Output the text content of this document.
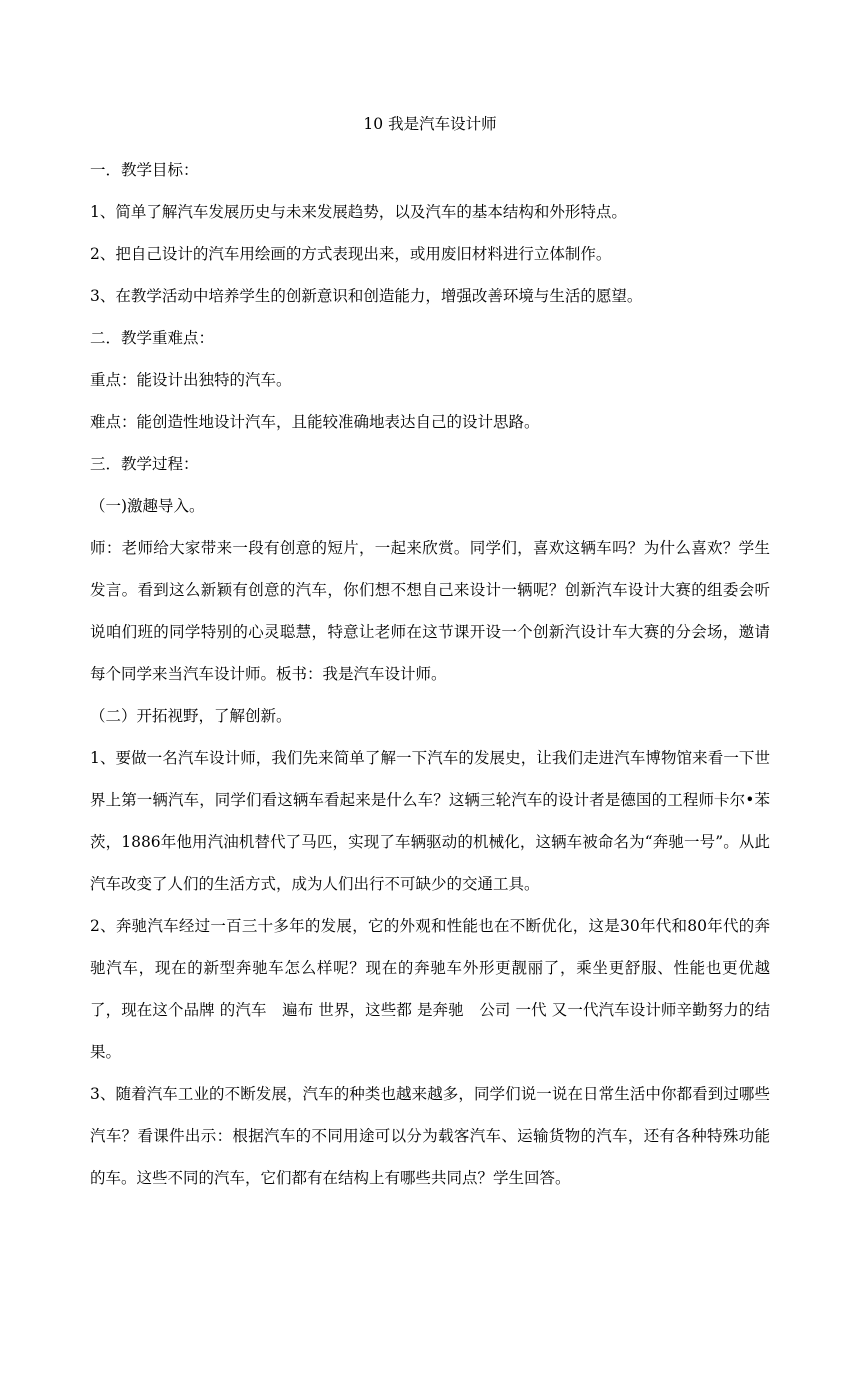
10 我是汽车设计师

一．教学目标：

1、简单了解汽车发展历史与未来发展趋势，以及汽车的基本结构和外形特点。

2、把自己设计的汽车用绘画的方式表现出来，或用废旧材料进行立体制作。

3、在教学活动中培养学生的创新意识和创造能力，增强改善环境与生活的愿望。

二．教学重难点：

重点：能设计出独特的汽车。

难点：能创造性地设计汽车，且能较准确地表达自己的设计思路。

三．教学过程：

（一)激趣导入。

师：老师给大家带来一段有创意的短片，一起来欣赏。同学们，喜欢这辆车吗？为什么喜欢？学生发言。看到这么新颖有创意的汽车，你们想不想自己来设计一辆呢？创新汽车设计大赛的组委会听说咱们班的同学特别的心灵聪慧，特意让老师在这节课开设一个创新汽设计车大赛的分会场，邀请每个同学来当汽车设计师。板书：我是汽车设计师。

（二）开拓视野，了解创新。

1、要做一名汽车设计师，我们先来简单了解一下汽车的发展史，让我们走进汽车博物馆来看一下世界上第一辆汽车，同学们看这辆车看起来是什么车？这辆三轮汽车的设计者是德国的工程师卡尔•苯茨，1886年他用汽油机替代了马匹，实现了车辆驱动的机械化，这辆车被命名为“奔驰一号”。从此汽车改变了人们的生活方式，成为人们出行不可缺少的交通工具。

2、奔驰汽车经过一百三十多年的发展，它的外观和性能也在不断优化，这是30年代和80年代的奔驰汽车，现在的新型奔驰车怎么样呢？现在的奔驰车外形更靓丽了，乘坐更舒服、性能也更优越了，现在这个品牌 的汽车　遍布 世界，这些都 是奔驰　公司 一代 又一代汽车设计师辛勤努力的结果。

3、随着汽车工业的不断发展，汽车的种类也越来越多，同学们说一说在日常生活中你都看到过哪些汽车？看课件出示：根据汽车的不同用途可以分为载客汽车、运输货物的汽车，还有各种特殊功能的车。这些不同的汽车，它们都有在结构上有哪些共同点？学生回答。
